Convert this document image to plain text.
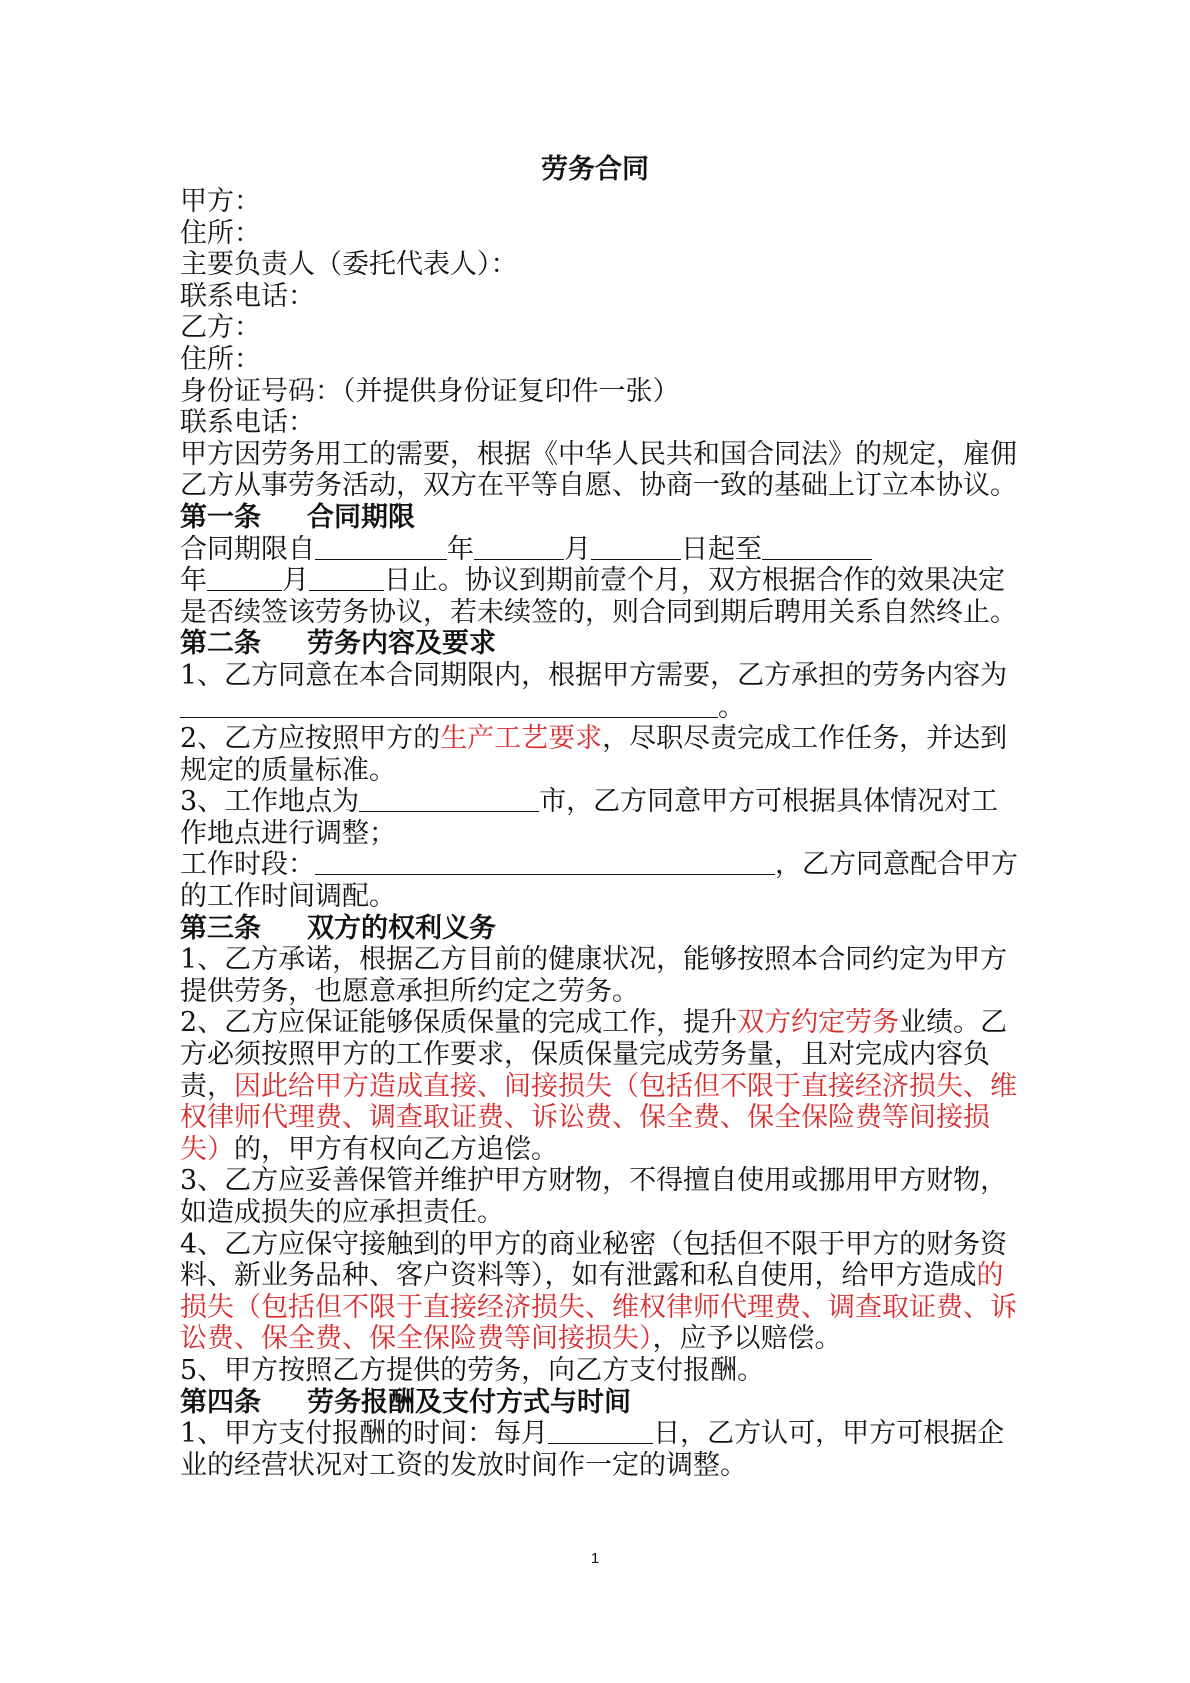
劳务合同

甲方：

住所：

主要负责人（委托代表人）：

联系电话：

乙方：

住所：

身份证号码：（并提供身份证复印件一张）

联系电话：

甲方因劳务用工的需要，根据《中华人民共和国合同法》的规定，雇佣乙方从事劳务活动，双方在平等自愿、协商一致的基础上订立本协议。

第一条 合同期限

合同期限自	年	月	日起至
年	月	日止。协议到期前壹个月，双方根据合作的效果决定是否续签该劳务协议，若未续签的，则合同到期后聘用关系自然终止。

第二条 劳务内容及要求

1、乙方同意在本合同期限内，根据甲方需要，乙方承担的劳务内容为。

2、乙方应按照甲方的生产工艺要求，尽职尽责完成工作任务，并达到规定的质量标准。

3、工作地点为	市，乙方同意甲方可根据具体情况对工作地点进行调整；

工作时段：	，乙方同意配合甲方的工作时间调配。

第三条 双方的权利义务

1、乙方承诺，根据乙方目前的健康状况，能够按照本合同约定为甲方提供劳务，也愿意承担所约定之劳务。

2、乙方应保证能够保质保量的完成工作，提升双方约定劳务业绩。乙方必须按照甲方的工作要求，保质保量完成劳务量，且对完成内容负责，因此给甲方造成直接、间接损失（包括但不限于直接经济损失、维权律师代理费、调查取证费、诉讼费、保全费、保全保险费等间接损失）的，甲方有权向乙方追偿。

3、乙方应妥善保管并维护甲方财物，不得擅自使用或挪用甲方财物，如造成损失的应承担责任。

4、乙方应保守接触到的甲方的商业秘密（包括但不限于甲方的财务资料、新业务品种、客户资料等），如有泄露和私自使用，给甲方造成的损失（包括但不限于直接经济损失、维权律师代理费、调查取证费、诉讼费、保全费、保全保险费等间接损失），应予以赔偿。

5、甲方按照乙方提供的劳务，向乙方支付报酬。

第四条 劳务报酬及支付方式与时间

1、甲方支付报酬的时间：每月	日，乙方认可，甲方可根据企业的经营状况对工资的发放时间作一定的调整。

1
